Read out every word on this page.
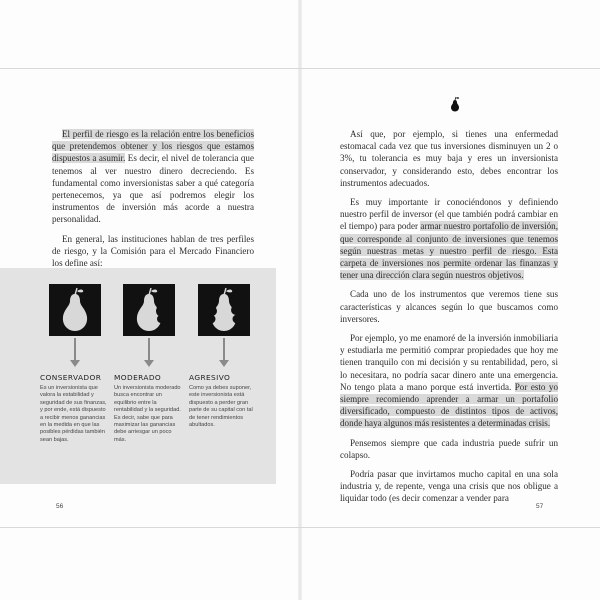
El perfil de riesgo es la relación entre los beneficios que pretendemos obtener y los riesgos que estamos dispuestos a asumir. Es decir, el nivel de tolerancia que tenemos al ver nuestro dinero decreciendo. Es fundamental como inversionistas saber a qué categoría pertenecemos, ya que así podremos elegir los instrumentos de inversión más acorde a nuestra personalidad.

En general, las instituciones hablan de tres perfiles de riesgo, y la Comisión para el Mercado Financiero los define así:

CONSERVADOR
Es un inversionista que valora la estabilidad y seguridad de sus finanzas, y por ende, está dispuesto a recibir menos ganancias en la medida en que las posibles pérdidas también sean bajas.
MODERADO
Un inversionista moderado busca encontrar un equilibrio entre la rentabilidad y la seguridad. Es decir, sabe que para maximizar las ganancias debe arriesgar un poco más.
AGRESIVO
Como ya debes suponer, este inversionista está dispuesto a perder gran parte de su capital con tal de tener rendimientos abultados.
56

Así que, por ejemplo, si tienes una enfermedad estomacal cada vez que tus inversiones disminuyen un 2 o 3%, tu tolerancia es muy baja y eres un inversionista conservador, y considerando esto, debes encontrar los instrumentos adecuados.

Es muy importante ir conociéndonos y definiendo nuestro perfil de inversor (el que también podrá cambiar en el tiempo) para poder armar nuestro portafolio de inversión, que corresponde al conjunto de inversiones que tenemos según nuestras metas y nuestro perfil de riesgo. Esta carpeta de inversiones nos permite ordenar las finanzas y tener una dirección clara según nuestros objetivos.

Cada uno de los instrumentos que veremos tiene sus características y alcances según lo que buscamos como inversores.

Por ejemplo, yo me enamoré de la inversión inmobiliaria y estudiarla me permitió comprar propiedades que hoy me tienen tranquilo con mi decisión y su rentabilidad, pero, si lo necesitara, no podría sacar dinero ante una emergencia. No tengo plata a mano porque está invertida. Por esto yo siempre recomiendo aprender a armar un portafolio diversificado, compuesto de distintos tipos de activos, donde haya algunos más resistentes a determinadas crisis.

Pensemos siempre que cada industria puede sufrir un colapso.

Podría pasar que invirtamos mucho capital en una sola industria y, de repente, venga una crisis que nos obligue a liquidar todo (es decir comenzar a vender para

57
